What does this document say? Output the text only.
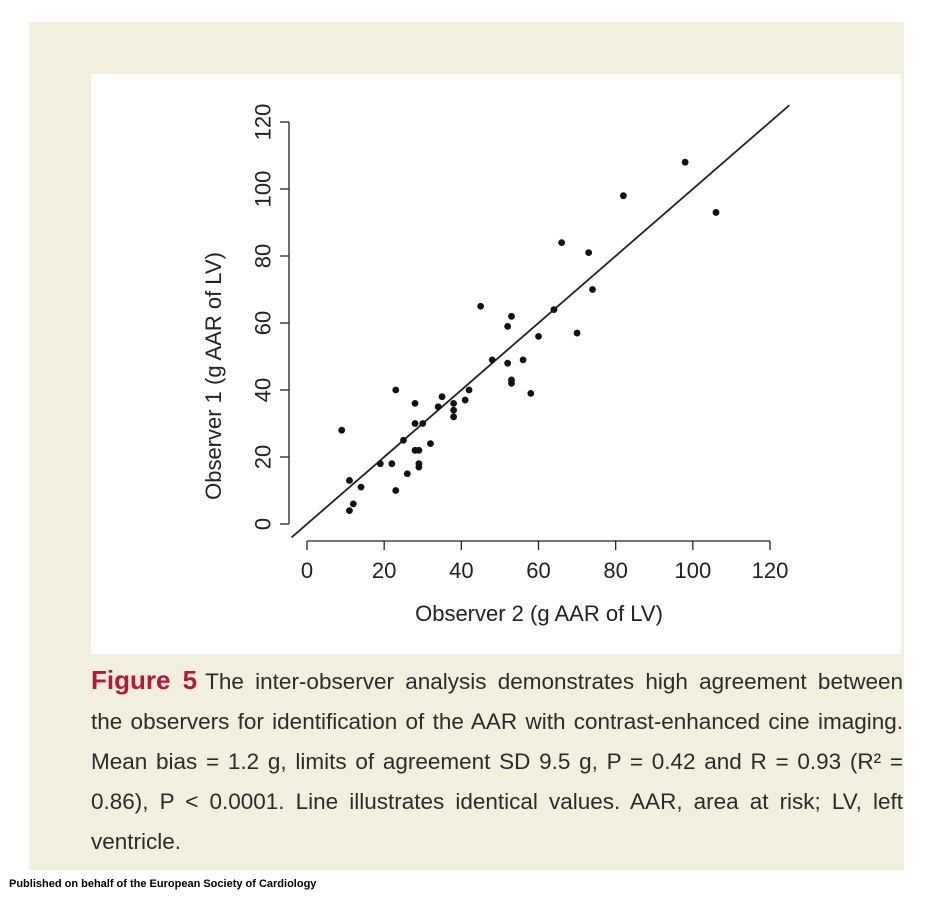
0	20 40 60 80 100 120
0
20
40
60
80
100
120
Observer 2 (g AAR of LV)
Observer 1 (g AAR of LV)

Figure 5 The inter-observer analysis demonstrates high agreement between the observers for identification of the AAR with contrast-enhanced cine imaging. Mean bias = 1.2 g, limits of agreement SD 9.5 g, P = 0.42 and R = 0.93 (R² = 0.86), P < 0.0001. Line illustrates identical values. AAR, area at risk; LV, left ventricle.

Published on behalf of the European Society of Cardiology
